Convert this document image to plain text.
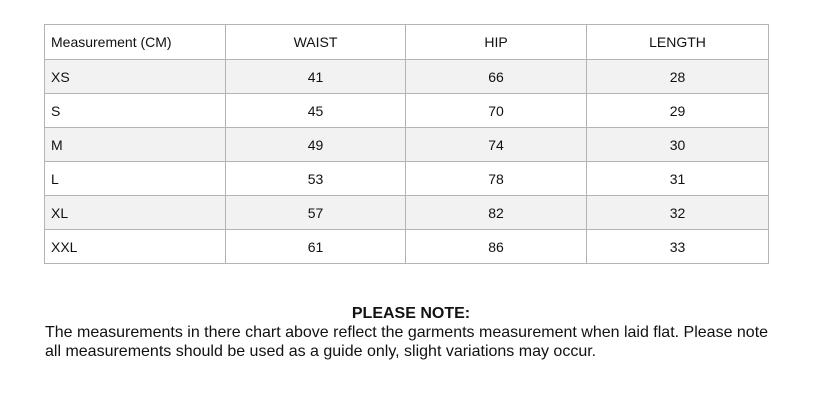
Measurement (CM)	WAIST	HIP	LENGTH
XS	41	66	28
S	45	70	29
M	49	74	30
L	53	78	31
XL	57	82	32
XXL	61	86	33
PLEASE NOTE:
The measurements in there chart above reflect the garments measurement when laid flat. Please note all measurements should be used as a guide only, slight variations may occur.
